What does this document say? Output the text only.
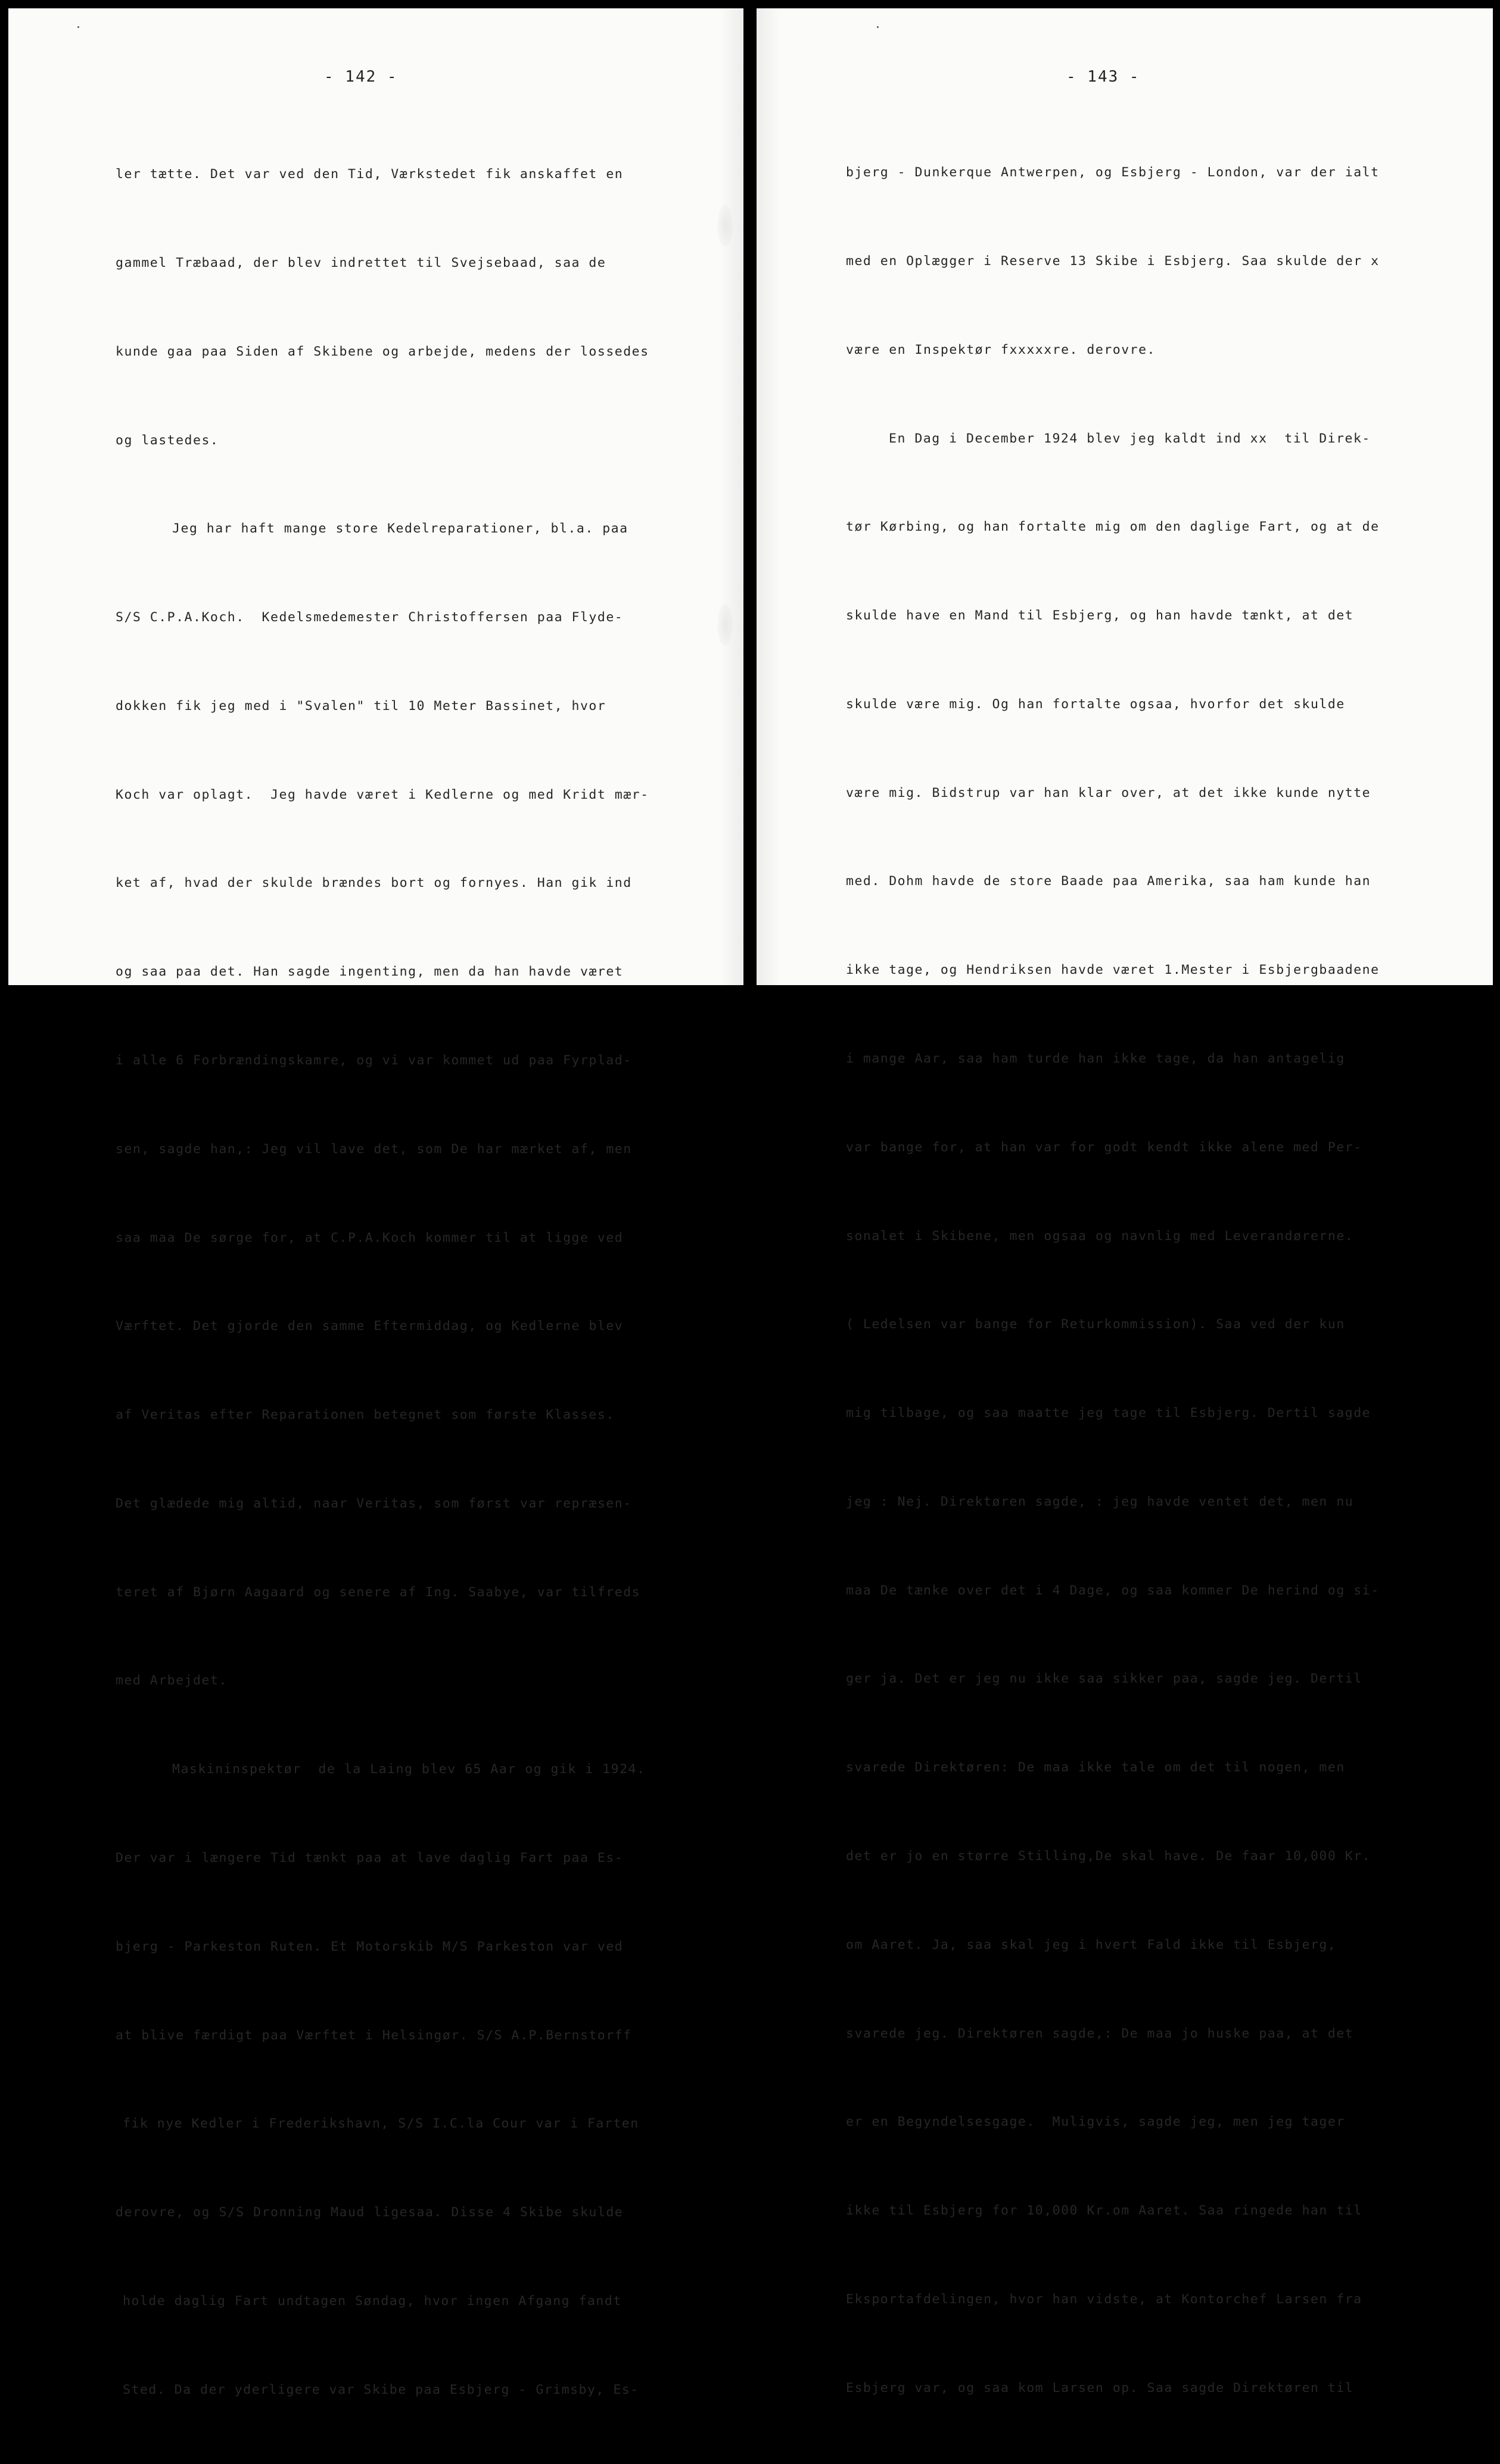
- 142 -

ler tætte. Det var ved den Tid, Værkstedet fik anskaffet en

gammel Træbaad, der blev indrettet til Svejsebaad, saa de

kunde gaa paa Siden af Skibene og arbejde, medens der lossedes

og lastedes.

Jeg har haft mange store Kedelreparationer, bl.a. paa

S/S C.P.A.Koch.  Kedelsmedemester Christoffersen paa Flyde-

dokken fik jeg med i "Svalen" til 10 Meter Bassinet, hvor

Koch var oplagt.  Jeg havde været i Kedlerne og med Kridt mær-

ket af, hvad der skulde brændes bort og fornyes. Han gik ind

og saa paa det. Han sagde ingenting, men da han havde været

i alle 6 Forbrændingskamre, og vi var kommet ud paa Fyrplad-

sen, sagde han,: Jeg vil lave det, som De har mærket af, men

saa maa De sørge for, at C.P.A.Koch kommer til at ligge ved

Værftet. Det gjorde den samme Eftermiddag, og Kedlerne blev

af Veritas efter Reparationen betegnet som første Klasses.

Det glædede mig altid, naar Veritas, som først var repræsen-

teret af Bjørn Aagaard og senere af Ing. Saabye, var tilfreds

med Arbejdet.

Maskininspektør  de la Laing blev 65 Aar og gik i 1924.

Der var i længere Tid tænkt paa at lave daglig Fart paa Es-

bjerg - Parkeston Ruten. Et Motorskib M/S Parkeston var ved

at blive færdigt paa Værftet i Helsingør. S/S A.P.Bernstorff

fik nye Kedler i Frederikshavn, S/S I.C.la Cour var i Farten

derovre, og S/S Dronning Maud ligesaa. Disse 4 Skibe skulde

holde daglig Fart undtagen Søndag, hvor ingen Afgang fandt

Sted. Da der yderligere var Skibe paa Esbjerg - Grimsby, Es-

- 143 -

bjerg - Dunkerque Antwerpen, og Esbjerg - London, var der ialt

med en Oplægger i Reserve 13 Skibe i Esbjerg. Saa skulde der x

være en Inspektør fxxxxxre. derovre.

En Dag i December 1924 blev jeg kaldt ind xx  til Direk-

tør Kørbing, og han fortalte mig om den daglige Fart, og at de

skulde have en Mand til Esbjerg, og han havde tænkt, at det

skulde være mig. Og han fortalte ogsaa, hvorfor det skulde

være mig. Bidstrup var han klar over, at det ikke kunde nytte

med. Dohm havde de store Baade paa Amerika, saa ham kunde han

ikke tage, og Hendriksen havde været 1.Mester i Esbjergbaadene

i mange Aar, saa ham turde han ikke tage, da han antagelig

var bange for, at han var for godt kendt ikke alene med Per-

sonalet i Skibene, men ogsaa og navnlig med Leverandørerne.

( Ledelsen var bange for Returkommission). Saa ved der kun

mig tilbage, og saa maatte jeg tage til Esbjerg. Dertil sagde

jeg : Nej. Direktøren sagde, : jeg havde ventet det, men nu

maa De tænke over det i 4 Dage, og saa kommer De herind og si-

ger ja. Det er jeg nu ikke saa sikker paa, sagde jeg. Dertil

svarede Direktøren: De maa ikke tale om det til nogen, men

det er jo en større Stilling,De skal have. De faar 10,000 Kr.

om Aaret. Ja, saa skal jeg i hvert Fald ikke til Esbjerg,

svarede jeg. Direktøren sagde,: De maa jo huske paa, at det

er en Begyndelsesgage.  Muligvis, sagde jeg, men jeg tager

ikke til Esbjerg for 10,000 Kr.om Aaret. Saa ringede han til

Eksportafdelingen, hvor han vidste, at Kontorchef Larsen fra

Esbjerg var, og saa kom Larsen op. Saa sagde Direktøren til
